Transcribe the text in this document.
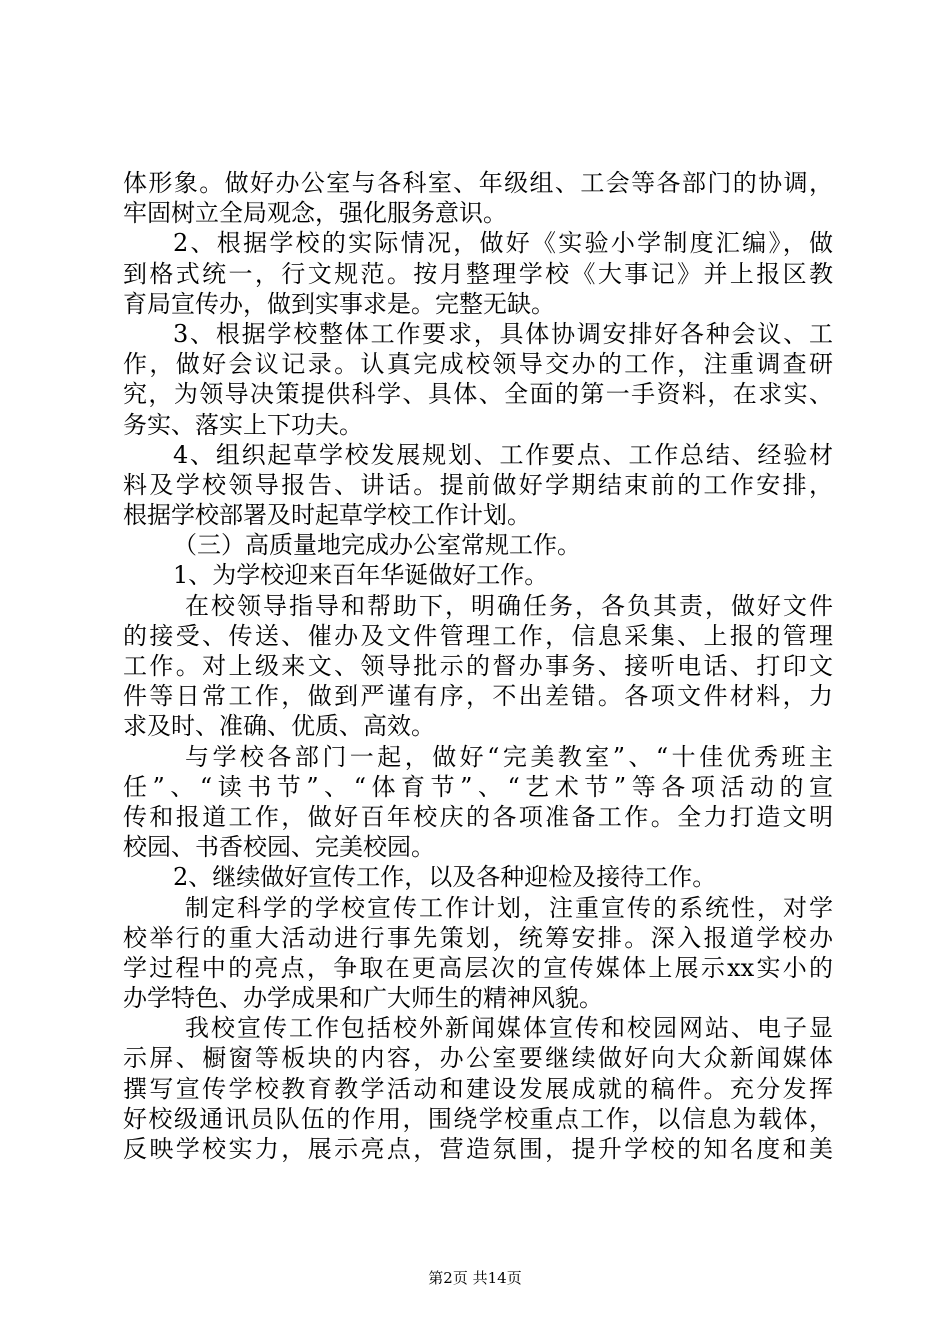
体形象。做好办公室与各科室、年级组、工会等各部门的协调，
牢固树立全局观念，强化服务意识。
2、根据学校的实际情况，做好《实验小学制度汇编》，做
到格式统一，行文规范。按月整理学校《大事记》并上报区教
育局宣传办，做到实事求是。完整无缺。
3、根据学校整体工作要求，具体协调安排好各种会议、工
作，做好会议记录。认真完成校领导交办的工作，注重调查研
究，为领导决策提供科学、具体、全面的第一手资料，在求实、
务实、落实上下功夫。
4、组织起草学校发展规划、工作要点、工作总结、经验材
料及学校领导报告、讲话。提前做好学期结束前的工作安排，
根据学校部署及时起草学校工作计划。
（三）高质量地完成办公室常规工作。
1、为学校迎来百年华诞做好工作。
在校领导指导和帮助下，明确任务，各负其责，做好文件
的接受、传送、催办及文件管理工作，信息采集、上报的管理
工作。对上级来文、领导批示的督办事务、接听电话、打印文
件等日常工作，做到严谨有序，不出差错。各项文件材料，力
求及时、准确、优质、高效。
与学校各部门一起，做好“完美教室”、“十佳优秀班主
任”、“读书节”、“体育节”、“艺术节”等各项活动的宣
传和报道工作，做好百年校庆的各项准备工作。全力打造文明
校园、书香校园、完美校园。
2、继续做好宣传工作，以及各种迎检及接待工作。
制定科学的学校宣传工作计划，注重宣传的系统性，对学
校举行的重大活动进行事先策划，统筹安排。深入报道学校办
学过程中的亮点，争取在更高层次的宣传媒体上展示xx实小的
办学特色、办学成果和广大师生的精神风貌。
我校宣传工作包括校外新闻媒体宣传和校园网站、电子显
示屏、橱窗等板块的内容，办公室要继续做好向大众新闻媒体
撰写宣传学校教育教学活动和建设发展成就的稿件。充分发挥
好校级通讯员队伍的作用，围绕学校重点工作，以信息为载体，
反映学校实力，展示亮点，营造氛围，提升学校的知名度和美
第2页 共14页
